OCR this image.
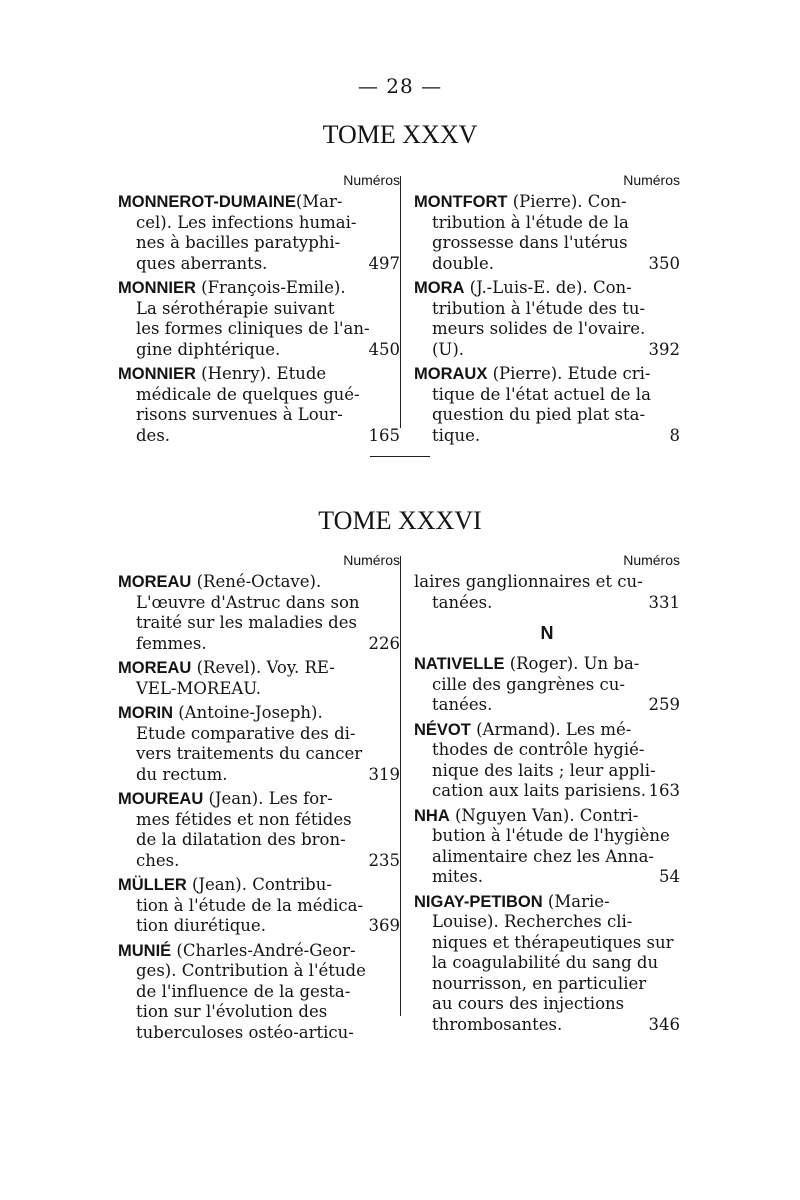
— 28 —
TOME XXXV
Numéros
MONNEROT-DUMAINE(Mar-
cel). Les infections humai-
nes à bacilles paratyphi-
ques aberrants.	497
MONNIER (François-Emile).
La sérothérapie suivant
les formes cliniques de l'an-
gine diphtérique.	450
MONNIER (Henry). Etude
médicale de quelques gué-
risons survenues à Lour-
des.	165
Numéros
MONTFORT (Pierre). Con-
tribution à l'étude de la
grossesse dans l'utérus
double.	350
MORA (J.-Luis-E. de). Con-
tribution à l'étude des tu-
meurs solides de l'ovaire.
(U).	392
MORAUX (Pierre). Etude cri-
tique de l'état actuel de la
question du pied plat sta-
tique.	8
TOME XXXVI
Numéros
MOREAU (René-Octave).
L'œuvre d'Astruc dans son
traité sur les maladies des
femmes.	226
MOREAU (Revel). Voy. RE-
VEL-MOREAU.
MORIN (Antoine-Joseph).
Etude comparative des di-
vers traitements du cancer
du rectum.	319
MOUREAU (Jean). Les for-
mes fétides et non fétides
de la dilatation des bron-
ches.	235
MÜLLER (Jean). Contribu-
tion à l'étude de la médica-
tion diurétique.	369
MUNIÉ (Charles-André-Geor-
ges). Contribution à l'étude
de l'influence de la gesta-
tion sur l'évolution des
tuberculoses ostéo-articu-
Numéros
laires ganglionnaires et cu-
tanées.	331
N
NATIVELLE (Roger). Un ba-
cille des gangrènes cu-
tanées.	259
NÉVOT (Armand). Les mé-
thodes de contrôle hygié-
nique des laits ; leur appli-
cation aux laits parisiens. 163
NHA (Nguyen Van). Contri-
bution à l'étude de l'hygiène
alimentaire chez les Anna-
mites.	54
NIGAY-PETIBON (Marie-
Louise). Recherches cli-
niques et thérapeutiques sur
la coagulabilité du sang du
nourrisson, en particulier
au cours des injections
thrombosantes.	346
